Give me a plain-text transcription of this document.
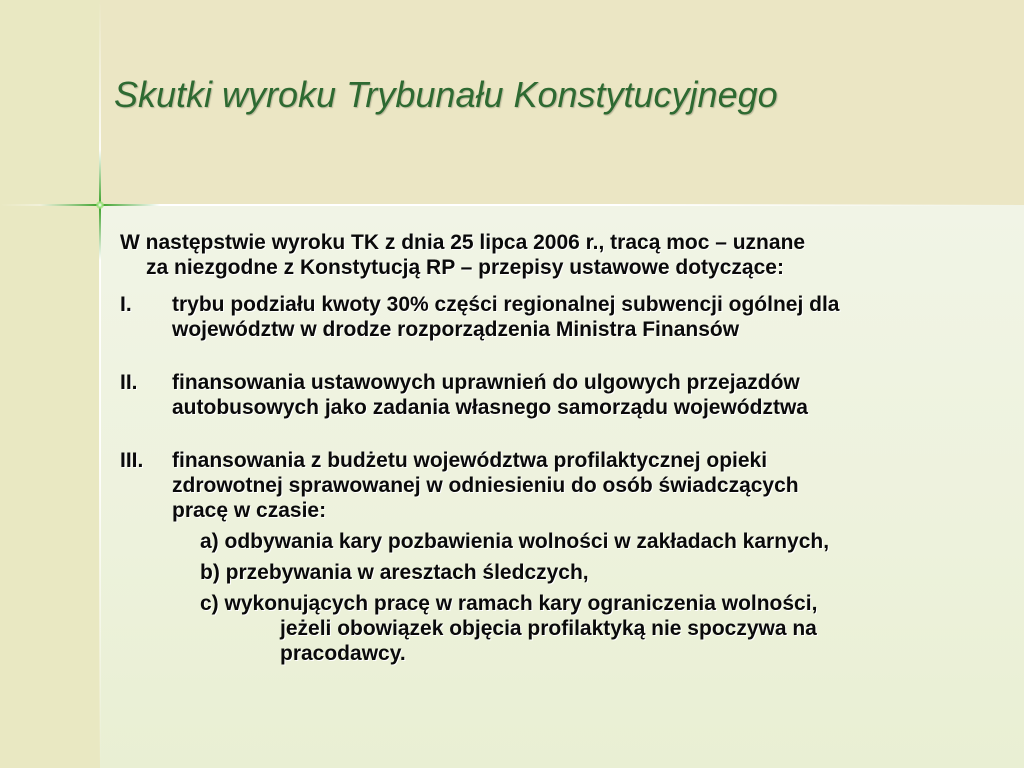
Skutki wyroku Trybunału Konstytucyjnego

W następstwie wyroku TK z dnia 25 lipca 2006 r., tracą moc – uznane
za niezgodne z Konstytucją RP – przepisy ustawowe dotyczące:

I.	trybu podziału kwoty 30% części regionalnej subwencji ogólnej dla
województw w drodze rozporządzenia Ministra Finansów
II.	finansowania ustawowych uprawnień do ulgowych przejazdów
autobusowych jako zadania własnego samorządu województwa
III.	finansowania z budżetu województwa profilaktycznej opieki
zdrowotnej sprawowanej w odniesieniu do osób świadczących
pracę w czasie:
a) odbywania kary pozbawienia wolności w zakładach karnych,
b) przebywania w aresztach śledczych,
c) wykonujących pracę w ramach kary ograniczenia wolności,
jeżeli obowiązek objęcia profilaktyką nie spoczywa na
pracodawcy.
